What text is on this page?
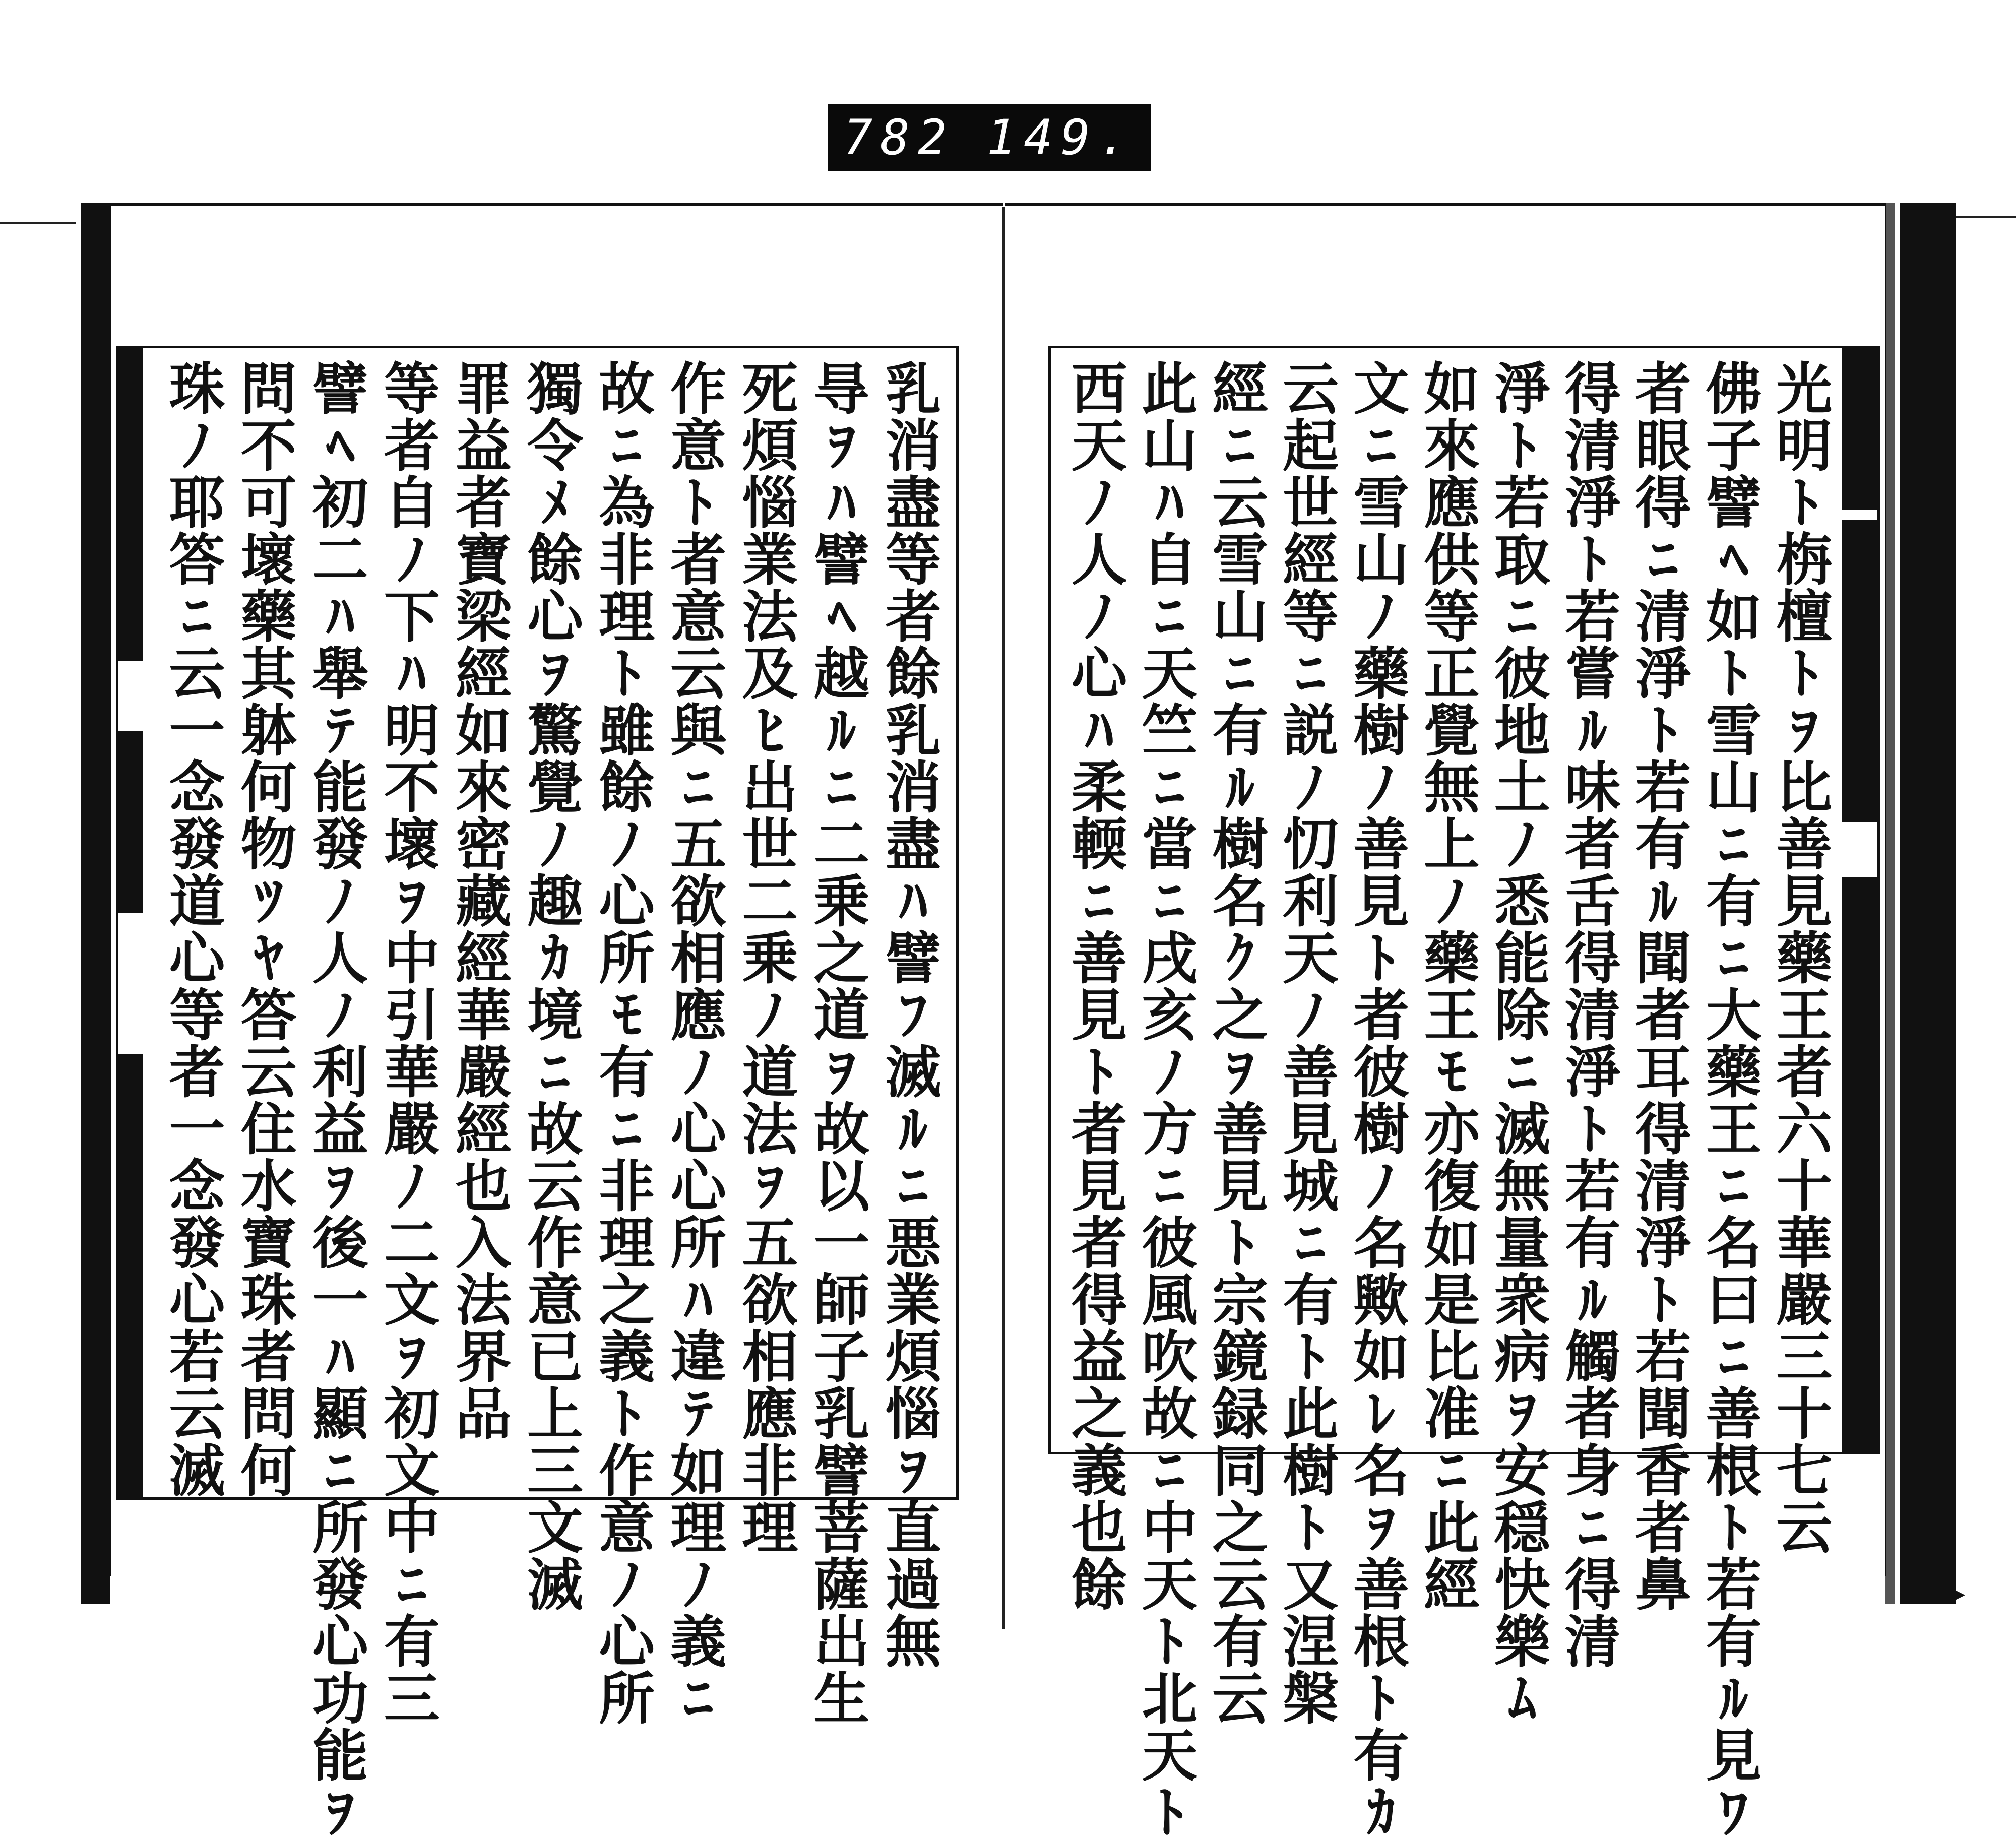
782 149.
乳消盡等者餘乳消盡ﾊ譬ﾌ滅ﾙﾆ悪業煩惱ｦ直過無
㝵ｦﾊ譬ﾍ越ﾙﾆ二乗之道ｦ故以一師子乳譬菩薩出生
死煩惱業法及ﾋ出世二乗ﾉ道法ｦ五欲相應非理
作意ﾄ者意云與ﾆ五欲相應ﾉ心心所ﾊ違ﾃ如理ﾉ義ﾆ
故ﾆ為非理ﾄ雖餘ﾉ心所ﾓ有ﾆ非理之義ﾄ作意ﾉ心所
獨令ﾒ餘心ｦ驚覺ﾉ趣ｶ境ﾆ故云作意已上三文滅
罪益者寶梁經如來密藏經華嚴經也入法界品
等者自ﾉ下ﾊ明不壞ｦ中引華嚴ﾉ二文ｦ初文中ﾆ有三
譬ﾍ初二ﾊ舉ﾃ能發ﾉ人ﾉ利益ｦ後一ﾊ顯ﾆ所發心功能ｦ
問不可壞藥其躰何物ﾂﾔ答云住水寶珠者問何
珠ﾉ耶答ﾆ云一念發道心等者一念發心若云滅	光明ﾄ栴檀ﾄｦ比善見藥王者六十華嚴三十七云
佛子譬ﾍ如ﾄ雪山ﾆ有ﾆ大藥王ﾆ名曰ﾆ善根ﾄ若有ﾙ見ﾜ
者眼得ﾆ清淨ﾄ若有ﾙ聞者耳得清淨ﾄ若聞香者鼻
得清淨ﾄ若嘗ﾙ味者舌得清淨ﾄ若有ﾙ觸者身ﾆ得清
淨ﾄ若取ﾆ彼地土ﾉ悉能除ﾆ滅無量衆病ｦ安穏快樂ﾑ
如來應供等正覺無上ﾉ藥王ﾓ亦復如是比准ﾆ此經
文ﾆ雪山ﾉ藥樹ﾉ善見ﾄ者彼樹ﾉ名歟如ﾚ名ｦ善根ﾄ有ｶ
云起世經等ﾆ説ﾉ忉利天ﾉ善見城ﾆ有ﾄ此樹ﾄ又涅槃
經ﾆ云雪山ﾆ有ﾙ樹名ｸ之ｦ善見ﾄ宗鏡録同之云有云
此山ﾊ自ﾆ天竺ﾆ當ﾆ戌亥ﾉ方ﾆ彼風吹故ﾆ中天ﾄ北天ﾄ
西天ﾉ人ﾉ心ﾊ柔輭ﾆ善見ﾄ者見者得益之義也餘	▸
